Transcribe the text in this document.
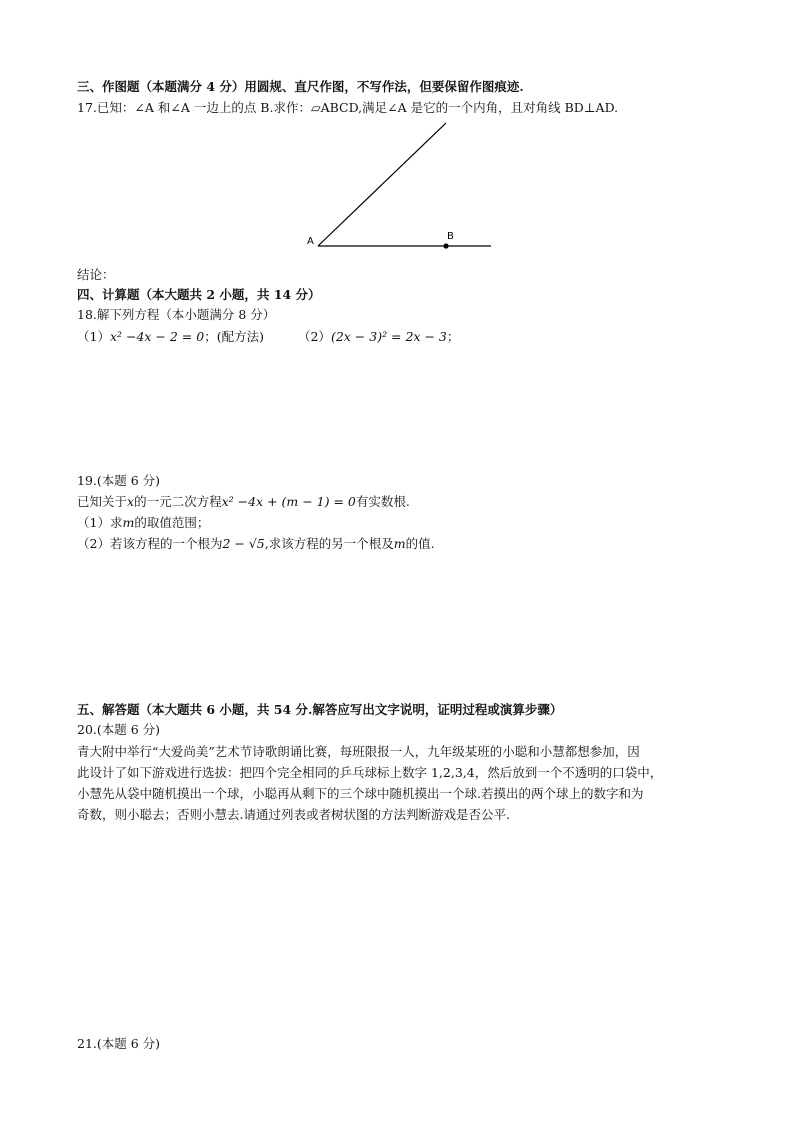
三、作图题（本题满分 4 分）用圆规、直尺作图，不写作法，但要保留作图痕迹.
17.已知：∠A 和∠A 一边上的点 B.求作：▱ABCD,满足∠A 是它的一个内角，且对角线 BD⊥AD.
A	B
结论：
四、计算题（本大题共 2 小题，共 14 分）
18.解下列方程（本小题满分 8 分）
（1）x² −4x − 2 = 0；(配方法)	（2）(2x − 3)² = 2x − 3；
19.(本题 6 分)
已知关于x的一元二次方程x² −4x + (m − 1) = 0有实数根.
（1）求m的取值范围；
（2）若该方程的一个根为2 − √5,求该方程的另一个根及m的值.
五、解答题（本大题共 6 小题，共 54 分.解答应写出文字说明，证明过程或演算步骤）
20.(本题 6 分)
青大附中举行“大爱尚美”艺术节诗歌朗诵比赛，每班限报一人，九年级某班的小聪和小慧都想参加，因
此设计了如下游戏进行选拔：把四个完全相同的乒乓球标上数字 1,2,3,4，然后放到一个不透明的口袋中，
小慧先从袋中随机摸出一个球，小聪再从剩下的三个球中随机摸出一个球.若摸出的两个球上的数字和为
奇数，则小聪去；否则小慧去.请通过列表或者树状图的方法判断游戏是否公平.
21.(本题 6 分)
